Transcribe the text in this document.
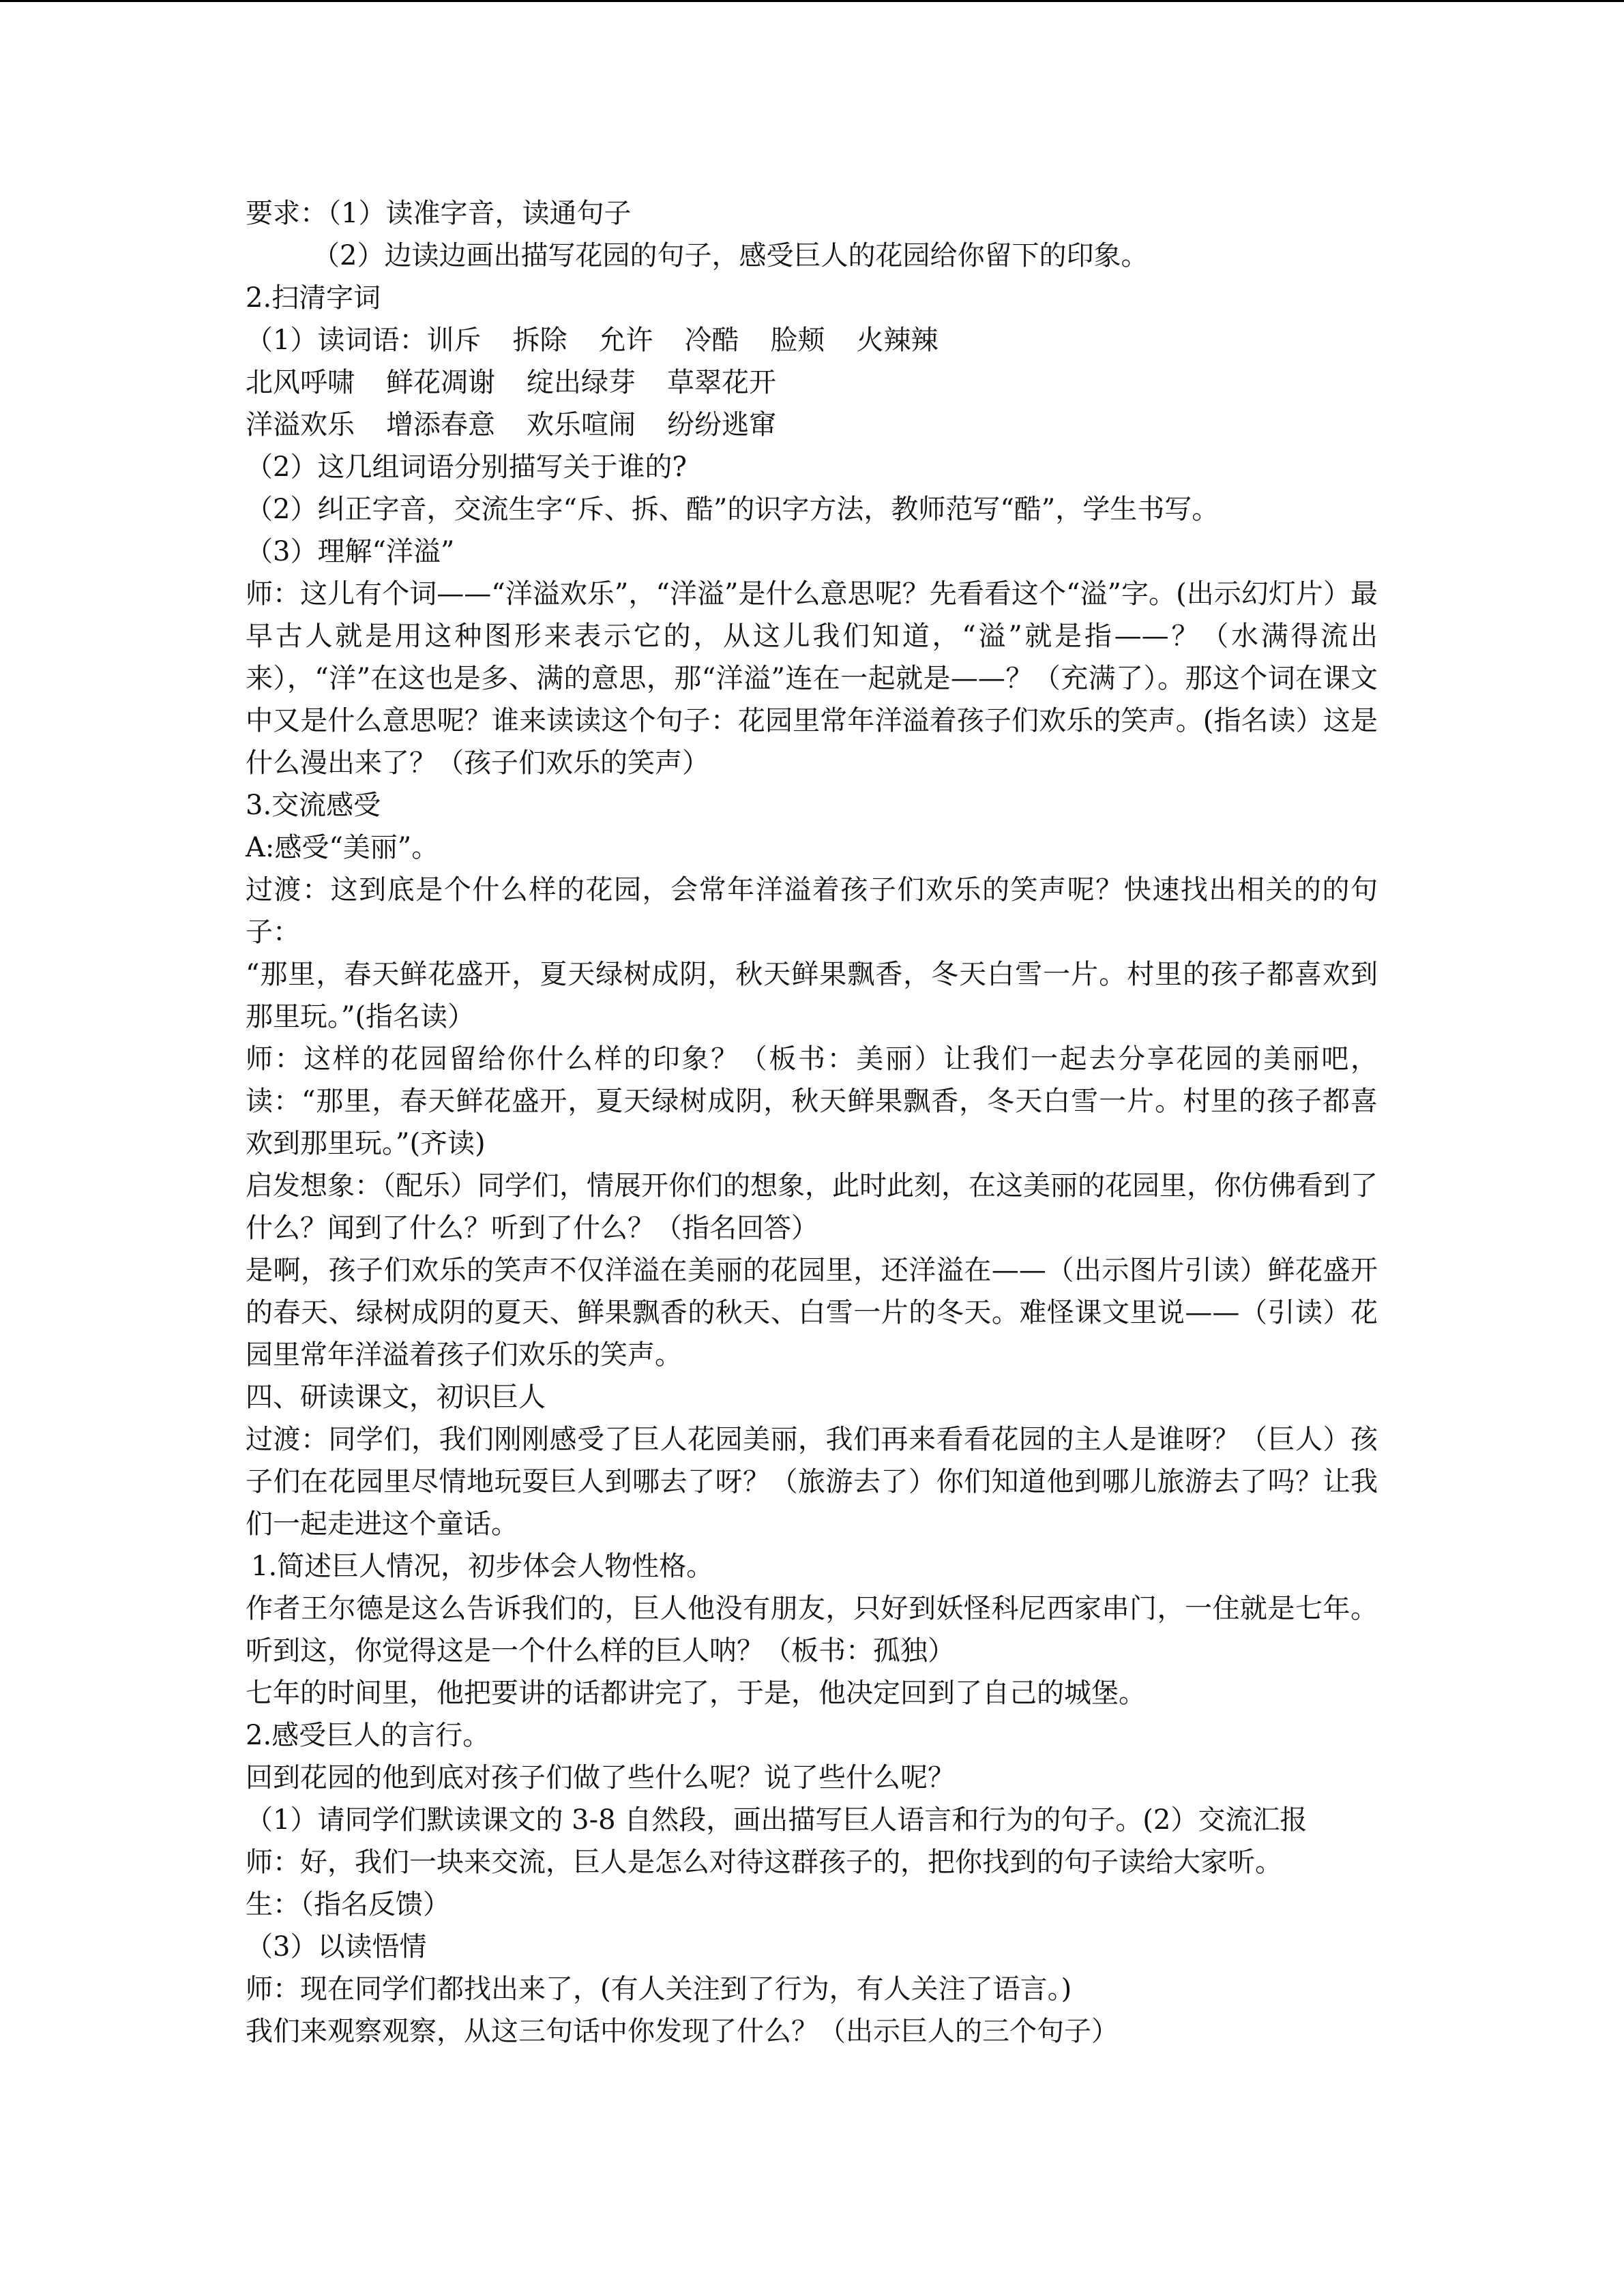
要求：（1）读准字音，读通句子
（2）边读边画出描写花园的句子，感受巨人的花园给你留下的印象。
2.扫清字词
（1）读词语：训斥 拆除 允许 冷酷 脸颊 火辣辣
北风呼啸 鲜花凋谢 绽出绿芽 草翠花开
洋溢欢乐 增添春意 欢乐喧闹 纷纷逃窜
（2）这几组词语分别描写关于谁的?
（2）纠正字音，交流生字“斥、拆、酷”的识字方法，教师范写“酷”，学生书写。
（3）理解“洋溢”
师：这儿有个词——“洋溢欢乐”，“洋溢”是什么意思呢？先看看这个“溢”字。(出示幻灯片）最早古人就是用这种图形来表示它的，从这儿我们知道，“溢”就是指——？（水满得流出来），“洋”在这也是多、满的意思，那“洋溢”连在一起就是——？（充满了）。那这个词在课文中又是什么意思呢？谁来读读这个句子：花园里常年洋溢着孩子们欢乐的笑声。(指名读）这是什么漫出来了？（孩子们欢乐的笑声）
3.交流感受
A:感受“美丽”。
过渡：这到底是个什么样的花园，会常年洋溢着孩子们欢乐的笑声呢？快速找出相关的的句子：
“那里，春天鲜花盛开，夏天绿树成阴，秋天鲜果飘香，冬天白雪一片。村里的孩子都喜欢到那里玩。”(指名读）
师：这样的花园留给你什么样的印象？（板书：美丽）让我们一起去分享花园的美丽吧，读：“那里，春天鲜花盛开，夏天绿树成阴，秋天鲜果飘香，冬天白雪一片。村里的孩子都喜欢到那里玩。”(齐读)
启发想象：（配乐）同学们，情展开你们的想象，此时此刻，在这美丽的花园里，你仿佛看到了什么？闻到了什么？听到了什么？（指名回答）
是啊，孩子们欢乐的笑声不仅洋溢在美丽的花园里，还洋溢在——（出示图片引读）鲜花盛开的春天、绿树成阴的夏天、鲜果飘香的秋天、白雪一片的冬天。难怪课文里说——（引读）花园里常年洋溢着孩子们欢乐的笑声。
四、研读课文，初识巨人
过渡：同学们，我们刚刚感受了巨人花园美丽，我们再来看看花园的主人是谁呀？（巨人）孩子们在花园里尽情地玩耍巨人到哪去了呀？（旅游去了）你们知道他到哪儿旅游去了吗？让我们一起走进这个童话。
1.简述巨人情况，初步体会人物性格。
作者王尔德是这么告诉我们的，巨人他没有朋友，只好到妖怪科尼西家串门，一住就是七年。听到这，你觉得这是一个什么样的巨人呐？（板书：孤独）
七年的时间里，他把要讲的话都讲完了，于是，他决定回到了自己的城堡。
2.感受巨人的言行。
回到花园的他到底对孩子们做了些什么呢？说了些什么呢？
（1）请同学们默读课文的 3-8 自然段，画出描写巨人语言和行为的句子。(2）交流汇报
师：好，我们一块来交流，巨人是怎么对待这群孩子的，把你找到的句子读给大家听。
生：（指名反馈）
（3）以读悟情
师：现在同学们都找出来了，(有人关注到了行为，有人关注了语言。)
我们来观察观察，从这三句话中你发现了什么？（出示巨人的三个句子）
